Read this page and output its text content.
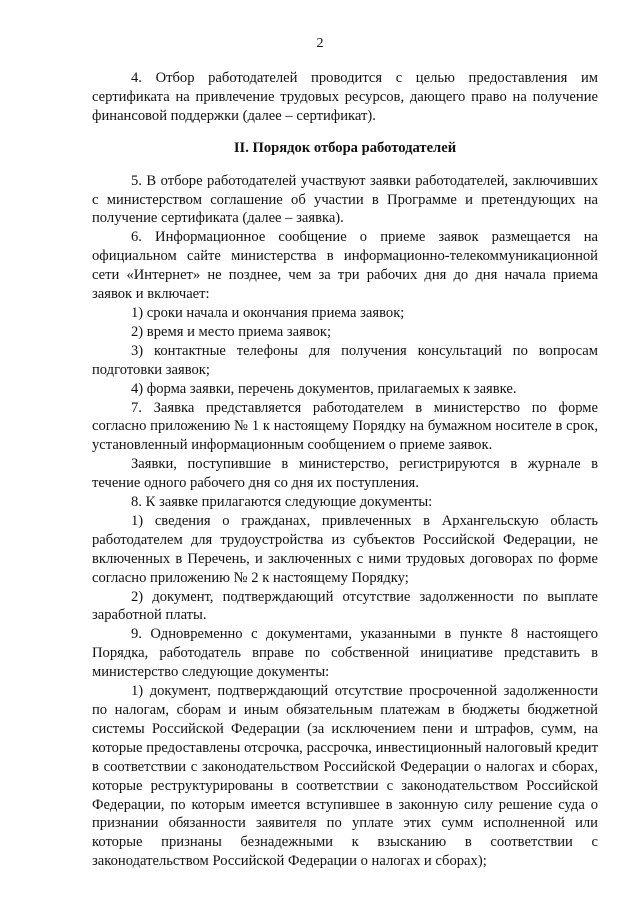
2

4. Отбор работодателей проводится с целью предоставления им сертификата на привлечение трудовых ресурсов, дающего право на получение финансовой поддержки (далее – сертификат).

II. Порядок отбора работодателей

5. В отборе работодателей участвуют заявки работодателей, заключивших с министерством соглашение об участии в Программе и претендующих на получение сертификата (далее – заявка).

6. Информационное сообщение о приеме заявок размещается на официальном сайте министерства в информационно-телекоммуникационной сети «Интернет» не позднее, чем за три рабочих дня до дня начала приема заявок и включает:

1) сроки начала и окончания приема заявок;

2) время и место приема заявок;

3) контактные телефоны для получения консультаций по вопросам подготовки заявок;

4) форма заявки, перечень документов, прилагаемых к заявке.

7. Заявка представляется работодателем в министерство по форме согласно приложению № 1 к настоящему Порядку на бумажном носителе в срок, установленный информационным сообщением о приеме заявок.

Заявки, поступившие в министерство, регистрируются в журнале в течение одного рабочего дня со дня их поступления.

8. К заявке прилагаются следующие документы:

1) сведения о гражданах, привлеченных в Архангельскую область работодателем для трудоустройства из субъектов Российской Федерации, не включенных в Перечень, и заключенных с ними трудовых договорах по форме согласно приложению № 2 к настоящему Порядку;

2) документ, подтверждающий отсутствие задолженности по выплате заработной платы.

9. Одновременно с документами, указанными в пункте 8 настоящего Порядка, работодатель вправе по собственной инициативе представить в министерство следующие документы:

1) документ, подтверждающий отсутствие просроченной задолженности по налогам, сборам и иным обязательным платежам в бюджеты бюджетной системы Российской Федерации (за исключением пени и штрафов, сумм, на которые предоставлены отсрочка, рассрочка, инвестиционный налоговый кредит в соответствии с законодательством Российской Федерации о налогах и сборах, которые реструктурированы в соответствии с законодательством Российской Федерации, по которым имеется вступившее в законную силу решение суда о признании обязанности заявителя по уплате этих сумм исполненной или которые признаны безнадежными к взысканию в соответствии с законодательством Российской Федерации о налогах и сборах);
